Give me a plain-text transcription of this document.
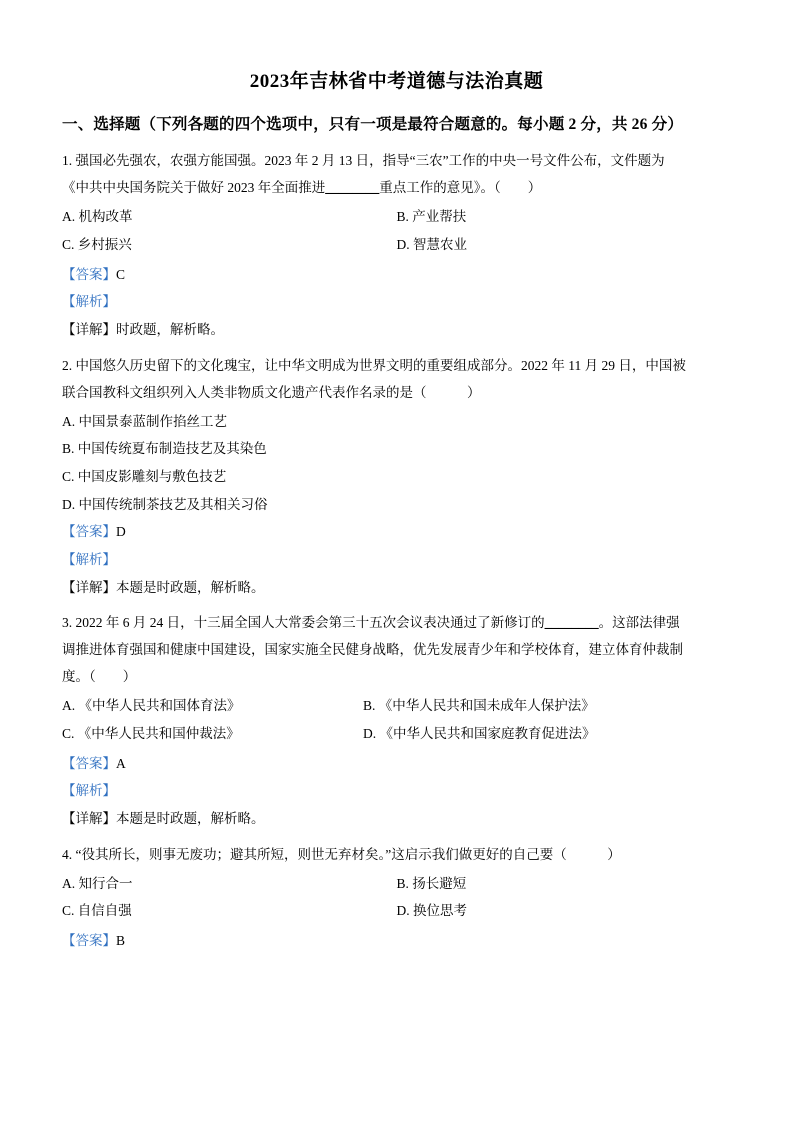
2023年吉林省中考道德与法治真题
一、选择题（下列各题的四个选项中，只有一项是最符合题意的。每小题 2 分，共 26 分）
1. 强国必先强农，农强方能国强。2023 年 2 月 13 日，指导“三农”工作的中央一号文件公布，文件题为
《中共中央国务院关于做好 2023 年全面推进________重点工作的意见》。（　　）
A. 机构改革	B. 产业帮扶
C. 乡村振兴	D. 智慧农业
【答案】C
【解析】
【详解】时政题，解析略。
2. 中国悠久历史留下的文化瑰宝，让中华文明成为世界文明的重要组成部分。2022 年 11 月 29 日，中国被
联合国教科文组织列入人类非物质文化遗产代表作名录的是（　　　）
A. 中国景泰蓝制作掐丝工艺
B. 中国传统夏布制造技艺及其染色
C. 中国皮影雕刻与敷色技艺
D. 中国传统制茶技艺及其相关习俗
【答案】D
【解析】
【详解】本题是时政题，解析略。
3. 2022 年 6 月 24 日，十三届全国人大常委会第三十五次会议表决通过了新修订的________。这部法律强
调推进体育强国和健康中国建设，国家实施全民健身战略，优先发展青少年和学校体育，建立体育仲裁制
度。（　　）
A. 《中华人民共和国体育法》	B. 《中华人民共和国未成年人保护法》
C. 《中华人民共和国仲裁法》	D. 《中华人民共和国家庭教育促进法》
【答案】A
【解析】
【详解】本题是时政题，解析略。
4. “役其所长，则事无废功；避其所短，则世无弃材矣。”这启示我们做更好的自己要（　　　）
A. 知行合一	B. 扬长避短
C. 自信自强	D. 换位思考
【答案】B
